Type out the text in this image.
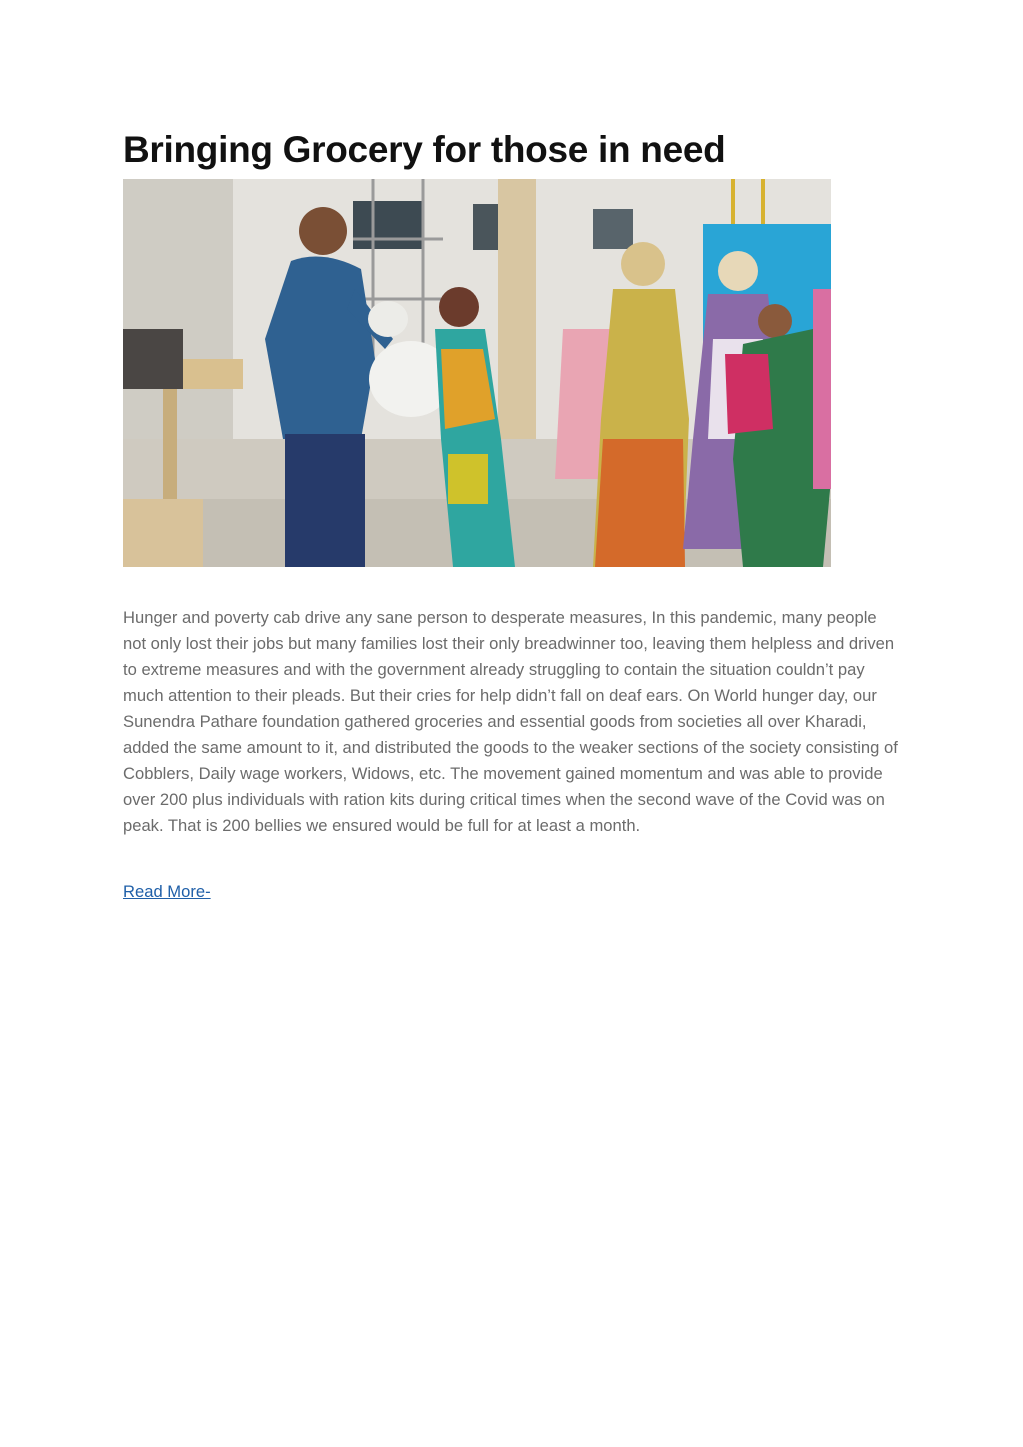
Bringing Grocery for those in need

Hunger and poverty cab drive any sane person to desperate measures, In this pandemic, many people not only lost their jobs but many families lost their only breadwinner too, leaving them helpless and driven to extreme measures and with the government already struggling to contain the situation couldn’t pay much attention to their pleads. But their cries for help didn’t fall on deaf ears. On World hunger day, our Sunendra Pathare foundation gathered groceries and essential goods from societies all over Kharadi, added the same amount to it, and distributed the goods to the weaker sections of the society consisting of Cobblers, Daily wage workers, Widows, etc. The movement gained momentum and was able to provide over 200 plus individuals with ration kits during critical times when the second wave of the Covid was on peak. That is 200 bellies we ensured would be full for at least a month.

Read More-
